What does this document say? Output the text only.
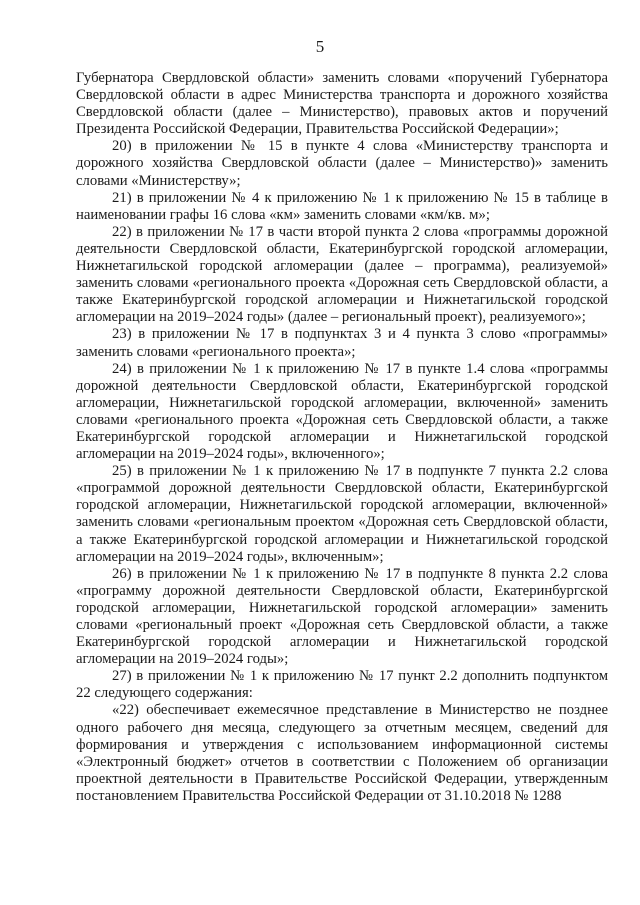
5

Губернатора Свердловской области» заменить словами «поручений Губернатора Свердловской области в адрес Министерства транспорта и дорожного хозяйства Свердловской области (далее – Министерство), правовых актов и поручений Президента Российской Федерации, Правительства Российской Федерации»;

20) в приложении № 15 в пункте 4 слова «Министерству транспорта и дорожного хозяйства Свердловской области (далее – Министерство)» заменить словами «Министерству»;

21) в приложении № 4 к приложению № 1 к приложению № 15 в таблице в наименовании графы 16 слова «км» заменить словами «км/кв. м»;

22) в приложении № 17 в части второй пункта 2 слова «программы дорожной деятельности Свердловской области, Екатеринбургской городской агломерации, Нижнетагильской городской агломерации (далее – программа), реализуемой» заменить словами «регионального проекта «Дорожная сеть Свердловской области, а также Екатеринбургской городской агломерации и Нижнетагильской городской агломерации на 2019–2024 годы» (далее – региональный проект), реализуемого»;

23) в приложении № 17 в подпунктах 3 и 4 пункта 3 слово «программы» заменить словами «регионального проекта»;

24) в приложении № 1 к приложению № 17 в пункте 1.4 слова «программы дорожной деятельности Свердловской области, Екатеринбургской городской агломерации, Нижнетагильской городской агломерации, включенной» заменить словами «регионального проекта «Дорожная сеть Свердловской области, а также Екатеринбургской городской агломерации и Нижнетагильской городской агломерации на 2019–2024 годы», включенного»;

25) в приложении № 1 к приложению № 17 в подпункте 7 пункта 2.2 слова «программой дорожной деятельности Свердловской области, Екатеринбургской городской агломерации, Нижнетагильской городской агломерации, включенной» заменить словами «региональным проектом «Дорожная сеть Свердловской области, а также Екатеринбургской городской агломерации и Нижнетагильской городской агломерации на 2019–2024 годы», включенным»;

26) в приложении № 1 к приложению № 17 в подпункте 8 пункта 2.2 слова «программу дорожной деятельности Свердловской области, Екатеринбургской городской агломерации, Нижнетагильской городской агломерации» заменить словами «региональный проект «Дорожная сеть Свердловской области, а также Екатеринбургской городской агломерации и Нижнетагильской городской агломерации на 2019–2024 годы»;

27) в приложении № 1 к приложению № 17 пункт 2.2 дополнить подпунктом 22 следующего содержания:

«22) обеспечивает ежемесячное представление в Министерство не позднее одного рабочего дня месяца, следующего за отчетным месяцем, сведений для формирования и утверждения с использованием информационной системы «Электронный бюджет» отчетов в соответствии с Положением об организации проектной деятельности в Правительстве Российской Федерации, утвержденным постановлением Правительства Российской Федерации от 31.10.2018 № 1288
